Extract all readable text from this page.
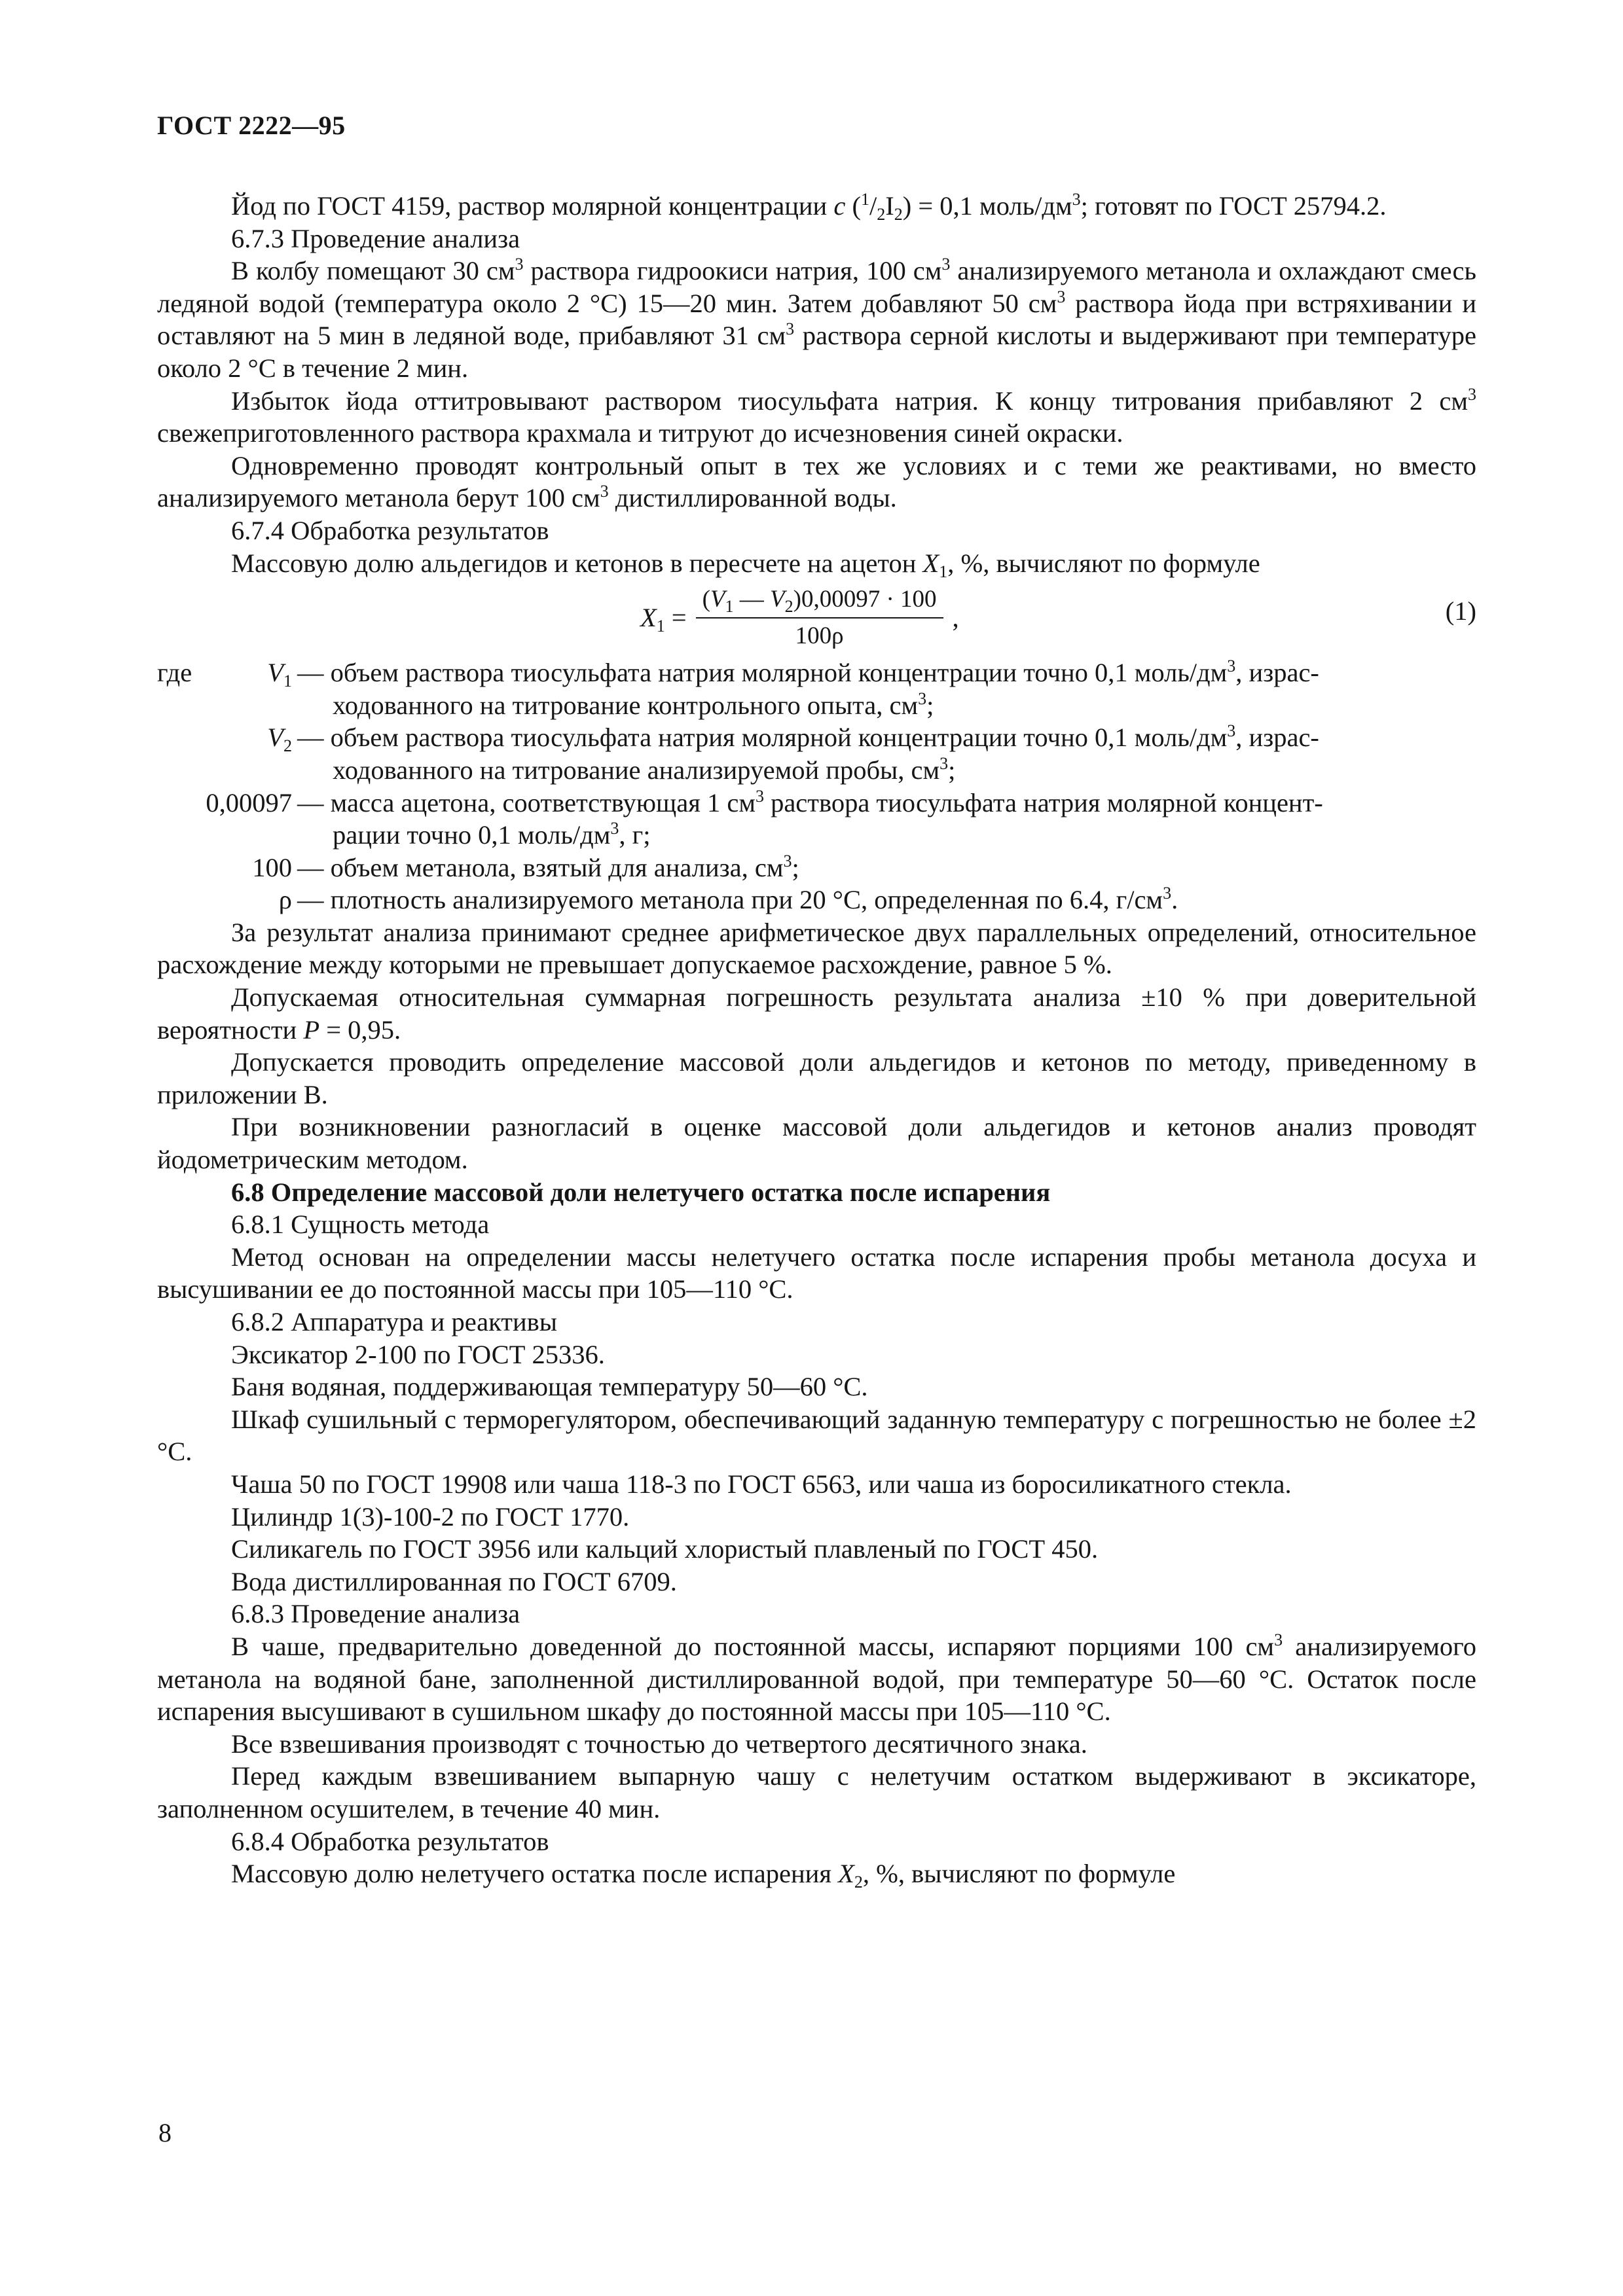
ГОСТ 2222—95

Йод по ГОСТ 4159, раствор молярной концентрации c $(^1/_2I_2) = 0,1$ моль/$дм^3$; готовят по ГОСТ 25794.2.

6.7.3 Проведение анализа

В колбу помещают 30 $см^3$ раствора гидроокиси натрия, 100 $см^3$ анализируемого метанола и охлаждают смесь ледяной водой (температура около 2 °С) 15—20 мин. Затем добавляют 50 $см^3$ раствора йода при встряхивании и оставляют на 5 мин в ледяной воде, прибавляют 31 $см^3$ раствора серной кислоты и выдерживают при температуре около 2 °С в течение 2 мин.

Избыток йода оттитровывают раствором тиосульфата натрия. К концу титрования прибавляют 2 $см^3$ свежеприготовленного раствора крахмала и титруют до исчезновения синей окраски.

Одновременно проводят контрольный опыт в тех же условиях и с теми же реактивами, но вместо анализируемого метанола берут 100 $см^3$ дистиллированной воды.

6.7.4 Обработка результатов

Массовую долю альдегидов и кетонов в пересчете на ацетон $X_1$, %, вычисляют по формуле

$X_1 = \frac{(V_1 — V_2)0,00097 \cdot 100}{100\rho}$ ,	(1)
где	$V_1$ — объем раствора тиосульфата натрия молярной концентрации точно 0,1 моль/$дм^3$, израс-
ходованного на титрование контрольного опыта, $см^3$;
$V_2$ — объем раствора тиосульфата натрия молярной концентрации точно 0,1 моль/$дм^3$, израс-
ходованного на титрование анализируемой пробы, $см^3$;
0,00097 — масса ацетона, соответствующая 1 $см^3$ раствора тиосульфата натрия молярной концент-
рации точно 0,1 моль/$дм^3$, г;
100 — объем метанола, взятый для анализа, $см^3$;
ρ — плотность анализируемого метанола при 20 °С, определенная по 6.4, $г/см^3$.

За результат анализа принимают среднее арифметическое двух параллельных определений, относительное расхождение между которыми не превышает допускаемое расхождение, равное 5 %.

Допускаемая относительная суммарная погрешность результата анализа ±10 % при доверительной вероятности P = 0,95.

Допускается проводить определение массовой доли альдегидов и кетонов по методу, приведенному в приложении В.

При возникновении разногласий в оценке массовой доли альдегидов и кетонов анализ проводят йодометрическим методом.

6.8 Определение массовой доли нелетучего остатка после испарения

6.8.1 Сущность метода

Метод основан на определении массы нелетучего остатка после испарения пробы метанола досуха и высушивании ее до постоянной массы при 105—110 °С.

6.8.2 Аппаратура и реактивы

Эксикатор 2-100 по ГОСТ 25336.

Баня водяная, поддерживающая температуру 50—60 °С.

Шкаф сушильный с терморегулятором, обеспечивающий заданную температуру с погрешностью не более ±2 °С.

Чаша 50 по ГОСТ 19908 или чаша 118-3 по ГОСТ 6563, или чаша из боросиликатного стекла.

Цилиндр 1(3)-100-2 по ГОСТ 1770.

Силикагель по ГОСТ 3956 или кальций хлористый плавленый по ГОСТ 450.

Вода дистиллированная по ГОСТ 6709.

6.8.3 Проведение анализа

В чаше, предварительно доведенной до постоянной массы, испаряют порциями 100 $см^3$ анализируемого метанола на водяной бане, заполненной дистиллированной водой, при температуре 50—60 °С. Остаток после испарения высушивают в сушильном шкафу до постоянной массы при 105—110 °С.

Все взвешивания производят с точностью до четвертого десятичного знака.

Перед каждым взвешиванием выпарную чашу с нелетучим остатком выдерживают в эксикаторе, заполненном осушителем, в течение 40 мин.

6.8.4 Обработка результатов

Массовую долю нелетучего остатка после испарения $X_2$, %, вычисляют по формуле

8
